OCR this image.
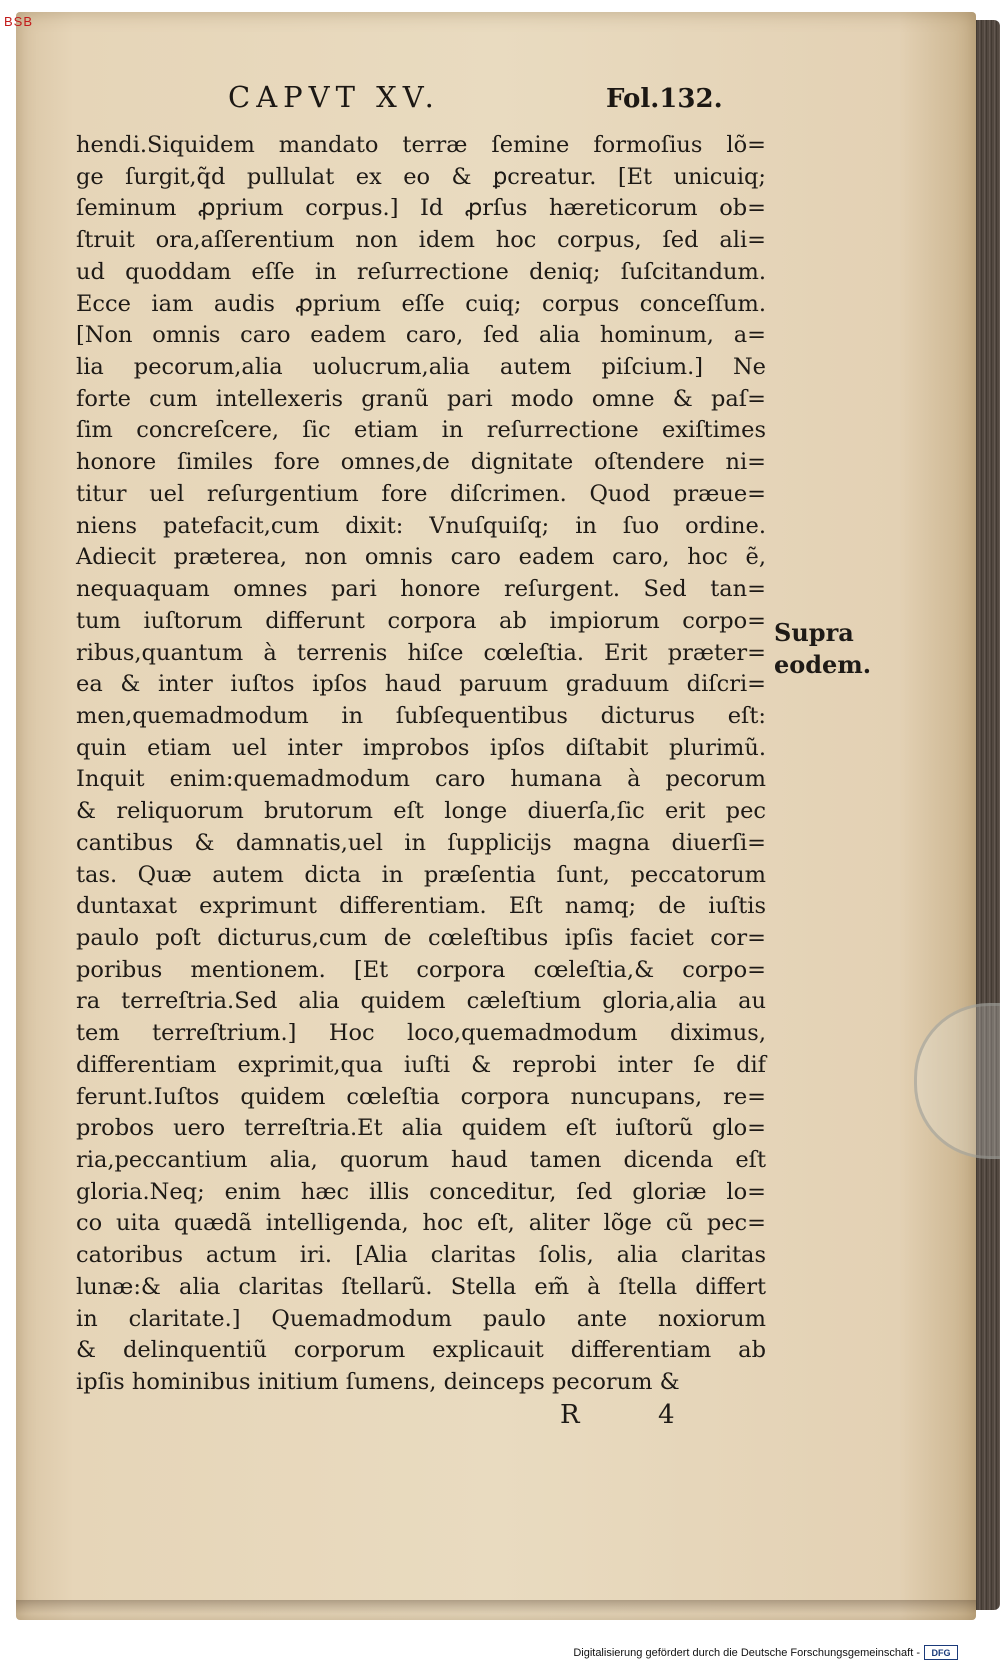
BSB
CAPVT XV.	Fol.132.
hendi.Siquidem mandato terræ ſemine formoſius lõ=
ge ſurgit,q̃d pullulat ex eo & ꝑcreatur. [Et unicuiq;
ſeminum ꝓprium corpus.] Id ꝓrſus hæreticorum ob=
ſtruit ora,aſſerentium non idem hoc corpus, ſed ali=
ud quoddam eſſe in reſurrectione deniq; ſuſcitandum.
Ecce iam audis ꝓprium eſſe cuiq; corpus conceſſum.
[Non omnis caro eadem caro, ſed alia hominum, a=
lia pecorum,alia uolucrum,alia autem piſcium.] Ne
forte cum intellexeris granũ pari modo omne & paſ=
ſim concreſcere, ſic etiam in reſurrectione exiſtimes
honore ſimiles fore omnes,de dignitate oſtendere ni=
titur uel reſurgentium fore diſcrimen. Quod præue=
niens patefacit,cum dixit: Vnuſquiſq; in ſuo ordine.
Adiecit præterea, non omnis caro eadem caro, hoc ẽ,
nequaquam omnes pari honore reſurgent. Sed tan=
tum iuſtorum differunt corpora ab impiorum corpo=
ribus,quantum à terrenis hiſce cœleſtia. Erit præter=
ea & inter iuſtos ipſos haud paruum graduum diſcri=
men,quemadmodum in ſubſequentibus dicturus eſt:
quin etiam uel inter improbos ipſos diſtabit plurimũ.
Inquit enim:quemadmodum caro humana à pecorum
& reliquorum brutorum eſt longe diuerſa,ſic erit pec
cantibus & damnatis,uel in ſupplicijs magna diuerſi=
tas. Quæ autem dicta in præſentia ſunt, peccatorum
duntaxat exprimunt differentiam. Eſt namq; de iuſtis
paulo poſt dicturus,cum de cœleſtibus ipſis faciet cor=
poribus mentionem. [Et corpora cœleſtia,& corpo=
ra terreſtria.Sed alia quidem cæleſtium gloria,alia au
tem terreſtrium.] Hoc loco,quemadmodum diximus,
differentiam exprimit,qua iuſti & reprobi inter ſe dif
ferunt.Iuſtos quidem cœleſtia corpora nuncupans, re=
probos uero terreſtria.Et alia quidem eſt iuſtorũ glo=
ria,peccantium alia, quorum haud tamen dicenda eſt
gloria.Neq; enim hæc illis conceditur, ſed gloriæ lo=
co uita quædã intelligenda, hoc eſt, aliter lõge cũ pec=
catoribus actum iri. [Alia claritas ſolis, alia claritas
lunæ:& alia claritas ſtellarũ. Stella em̃ à ſtella differt
in claritate.] Quemadmodum paulo ante noxiorum
& delinquentiũ corporum explicauit differentiam ab
ipſis hominibus initium ſumens, deinceps pecorum &
Supra
eodem.
R	4
Digitalisierung gefördert durch die Deutsche Forschungsgemeinschaft -	DFG
